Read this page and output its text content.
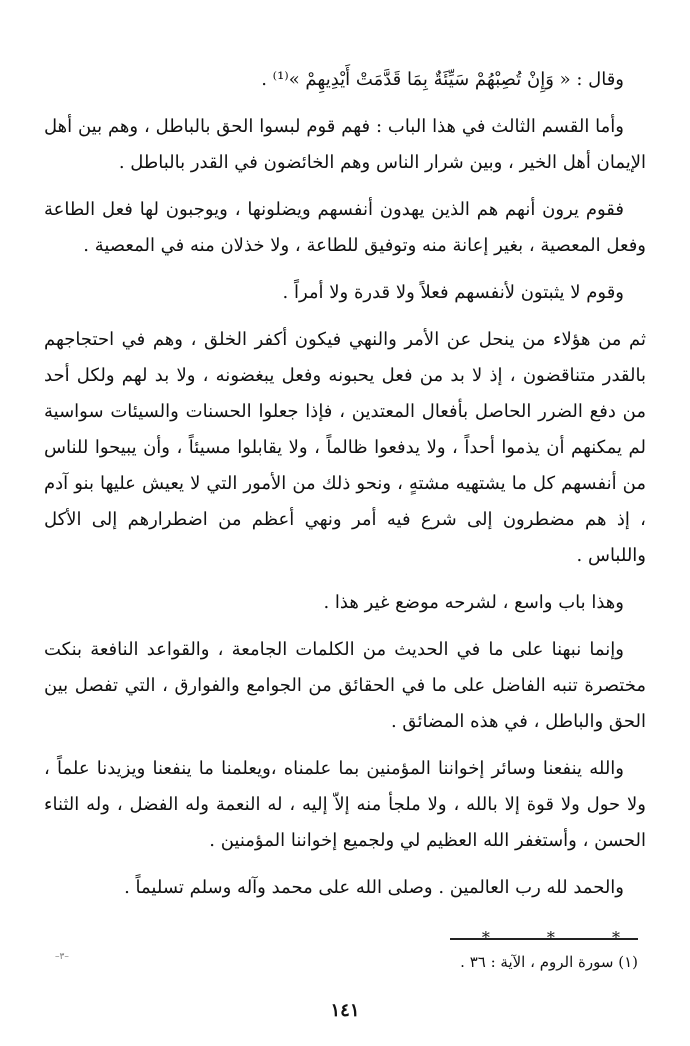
وقال : « وَإِنْ تُصِبْهُمْ سَيِّئَةٌ بِمَا قَدَّمَتْ أَيْدِيهِمْ »⁽¹⁾ .

وأما القسم الثالث في هذا الباب : فهم قوم لبسوا الحق بالباطل ، وهم بين أهل الإيمان أهل الخير ، وبين شرار الناس وهم الخائضون في القدر بالباطل .

فقوم يرون أنهم هم الذين يهدون أنفسهم ويضلونها ، ويوجبون لها فعل الطاعة وفعل المعصية ، بغير إعانة منه وتوفيق للطاعة ، ولا خذلان منه في المعصية .

وقوم لا يثبتون لأنفسهم فعلاً ولا قدرة ولا أمراً .

ثم من هؤلاء من ينحل عن الأمر والنهي فيكون أكفر الخلق ، وهم في احتجاجهم بالقدر متناقضون ، إذ لا بد من فعل يحبونه وفعل يبغضونه ، ولا بد لهم ولكل أحد من دفع الضرر الحاصل بأفعال المعتدين ، فإذا جعلوا الحسنات والسيئات سواسية لم يمكنهم أن يذموا أحداً ، ولا يدفعوا ظالماً ، ولا يقابلوا مسيئاً ، وأن يبيحوا للناس من أنفسهم كل ما يشتهيه مشتهٍ ، ونحو ذلك من الأمور التي لا يعيش عليها بنو آدم ، إذ هم مضطرون إلى شرع فيه أمر ونهي أعظم من اضطرارهم إلى الأكل واللباس .

وهذا باب واسع ، لشرحه موضع غير هذا .

وإنما نبهنا على ما في الحديث من الكلمات الجامعة ، والقواعد النافعة بنكت مختصرة تنبه الفاضل على ما في الحقائق من الجوامع والفوارق ، التي تفصل بين الحق والباطل ، في هذه المضائق .

والله ينفعنا وسائر إخواننا المؤمنين بما علمناه ،ويعلمنا ما ينفعنا ويزيدنا علماً ، ولا حول ولا قوة إلا بالله ، ولا ملجأ منه إلاّ إليه ، له النعمة وله الفضل ، وله الثناء الحسن ، وأستغفر الله العظيم لي ولجميع إخواننا المؤمنين .

والحمد لله رب العالمين . وصلى الله على محمد وآله وسلم تسليماً .

* * *
(١) سورة الروم ، الآية : ٣٦ .
–٣–
١٤١
